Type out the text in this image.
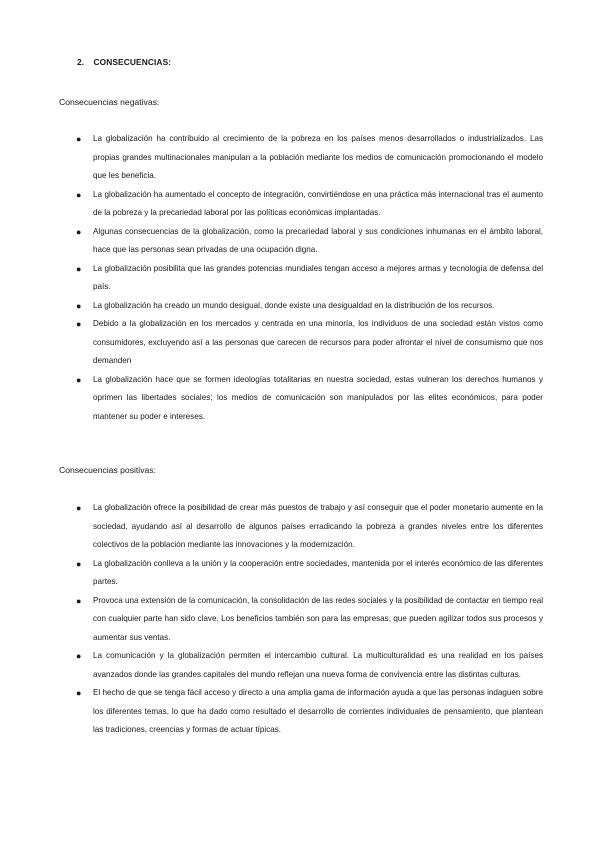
2. CONSECUENCIAS:
Consecuencias negativas:
● La globalización ha contribuido al crecimiento de la pobreza en los países menos desarrollados o industrializados. Las propias grandes multinacionales manipulan a la población mediante los medios de comunicación promocionando el modelo que les beneficia.
● La globalización ha aumentado el concepto de integración, convirtiéndose en una práctica más internacional tras el aumento de la pobreza y la precariedad laboral por las políticas económicas implantadas.
● Algunas consecuencias de la globalización, como la precariedad laboral y sus condiciones inhumanas en el ámbito laboral, hace que las personas sean privadas de una ocupación digna.
● La globalización posibilita que las grandes potencias mundiales tengan acceso a mejores armas y tecnología de defensa del país.
● La globalización ha creado un mundo desigual, donde existe una desigualdad en la distribución de los recursos.
● Debido a la globalización en los mercados y centrada en una minoría, los individuos de una sociedad están vistos como consumidores, excluyendo así a las personas que carecen de recursos para poder afrontar el nivel de consumismo que nos demanden
● La globalización hace que se formen ideologías totalitarias en nuestra sociedad, estas vulneran los derechos humanos y oprimen las libertades sociales; los medios de comunicación son manipulados por las elites económicos, para poder mantener su poder e intereses.
Consecuencias positivas:
● La globalización ofrece la posibilidad de crear más puestos de trabajo y así conseguir que el poder monetario aumente en la sociedad, ayudando así al desarrollo de algunos países erradicando la pobreza a grandes niveles entre los diferentes colectivos de la población mediante las innovaciones y la modernización.
● La globalización conlleva a la unión y la cooperación entre sociedades, mantenida por el interés económico de las diferentes partes.
● Provoca una extensión de la comunicación, la consolidación de las redes sociales y la posibilidad de contactar en tiempo real con cualquier parte han sido clave. Los beneficios también son para las empresas, que pueden agilizar todos sus procesos y aumentar sus ventas.
● La comunicación y la globalización permiten el intercambio cultural. La multiculturalidad es una realidad en los países avanzados donde las grandes capitales del mundo reflejan una nueva forma de convivencia entre las distintas culturas.
● El hecho de que se tenga fácil acceso y directo a una amplia gama de información ayuda a que las personas indaguen sobre los diferentes temas, lo que ha dado como resultado el desarrollo de corrientes individuales de pensamiento, que plantean las tradiciones, creencias y formas de actuar típicas.
